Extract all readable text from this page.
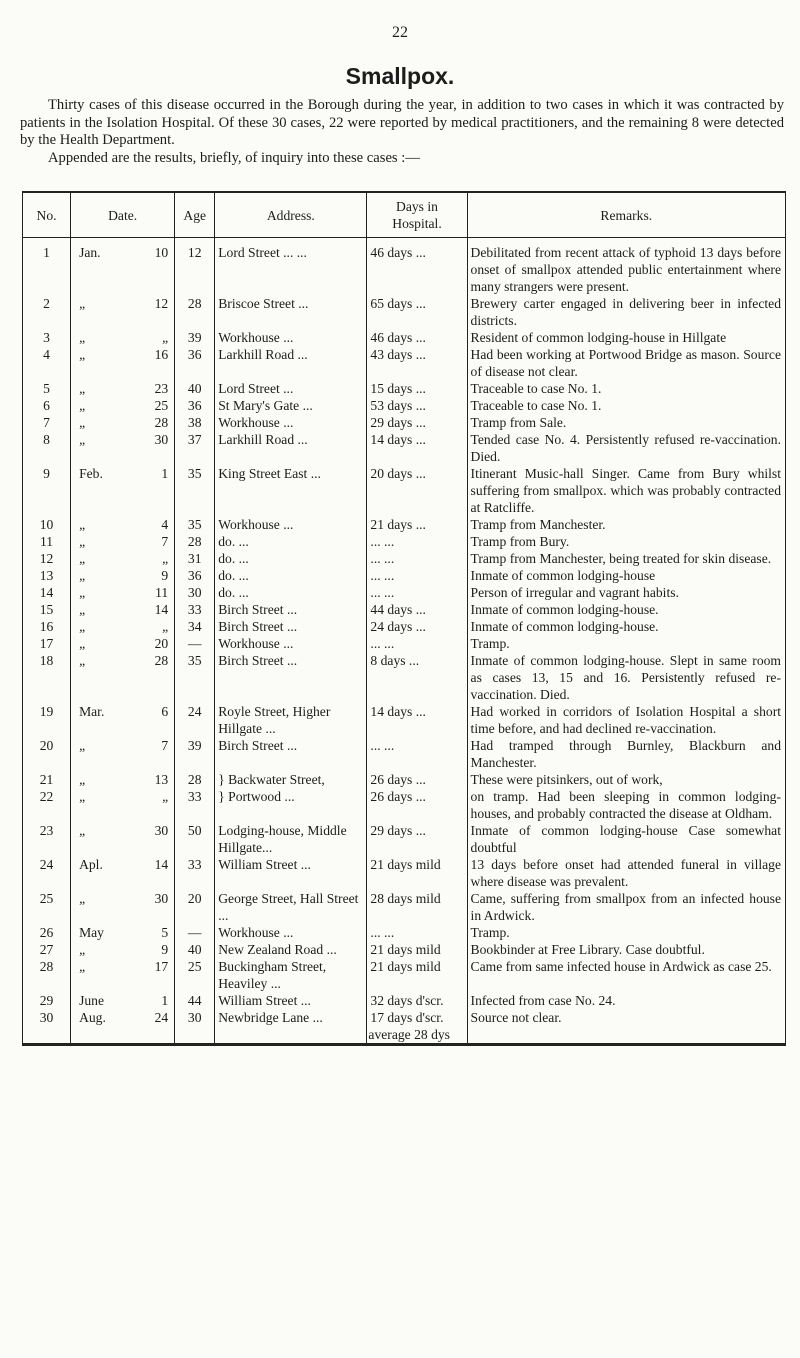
22
Smallpox.

Thirty cases of this disease occurred in the Borough during the year, in addition to two cases in which it was contracted by patients in the Isolation Hospital. Of these 30 cases, 22 were reported by medical practitioners, and the remaining 8 were detected by the Health Department.

Appended are the results, briefly, of inquiry into these cases :—

No.	Date.	Age	Address.	Days in Hospital.	Remarks.
1	Jan. 10	12	Lord Street ... ...	46 days ...	Debilitated from recent attack of typhoid 13 days before onset of smallpox attended public entertainment where many strangers were present.
2	„ 12	28	Briscoe Street ...	65 days ...	Brewery carter engaged in delivering beer in infected districts.
3	„ „	39	Workhouse ...	46 days ...	Resident of common lodging-house in Hillgate
4	„ 16	36	Larkhill Road ...	43 days ...	Had been working at Portwood Bridge as mason. Source of disease not clear.
5	„ 23	40	Lord Street ...	15 days ...	Traceable to case No. 1.
6	„ 25	36	St Mary's Gate ...	53 days ...	Traceable to case No. 1.
7	„ 28	38	Workhouse ...	29 days ...	Tramp from Sale.
8	„ 30	37	Larkhill Road ...	14 days ...	Tended case No. 4. Persistently refused re-vaccination. Died.
9	Feb. 1	35	King Street East ...	20 days ...	Itinerant Music-hall Singer. Came from Bury whilst suffering from smallpox. which was probably contracted at Ratcliffe.
10	„ 4	35	Workhouse ...	21 days ...	Tramp from Manchester.
11	„ 7	28	do. ...	... ...	Tramp from Bury.
12	„ „	31	do. ...	... ...	Tramp from Manchester, being treated for skin disease.
13	„ 9	36	do. ...	... ...	Inmate of common lodging-house
14	„ 11	30	do. ...	... ...	Person of irregular and vagrant habits.
15	„ 14	33	Birch Street ...	44 days ...	Inmate of common lodging-house.
16	„ „	34	Birch Street ...	24 days ...	Inmate of common lodging-house.
17	„ 20	—	Workhouse ...	... ...	Tramp.
18	„ 28	35	Birch Street ...	8 days ...	Inmate of common lodging-house. Slept in same room as cases 13, 15 and 16. Persistently refused re-vaccination. Died.
19	Mar. 6	24	Royle Street, Higher Hillgate ...	14 days ...	Had worked in corridors of Isolation Hospital a short time before, and had declined re-vaccination.
20	„ 7	39	Birch Street ...	... ...	Had tramped through Burnley, Blackburn and Manchester.
21	„ 13	28	} Backwater Street,	26 days ...	These were pitsinkers, out of work,
22	„ „	33	} Portwood ...	26 days ...	on tramp. Had been sleeping in common lodging-houses, and probably contracted the disease at Oldham.
23	„ 30	50	Lodging-house, Middle Hillgate...	29 days ...	Inmate of common lodging-house Case somewhat doubtful
24	Apl. 14	33	William Street ...	21 days mild	13 days before onset had attended funeral in village where disease was prevalent.
25	„ 30	20	George Street, Hall Street ...	28 days mild	Came, suffering from smallpox from an infected house in Ardwick.
26	May 5	—	Workhouse ...	... ...	Tramp.
27	„ 9	40	New Zealand Road ...	21 days mild	Bookbinder at Free Library. Case doubtful.
28	„ 17	25	Buckingham Street, Heaviley ...	21 days mild	Came from same infected house in Ardwick as case 25.
29	June 1	44	William Street ...	32 days d'scr.	Infected from case No. 24.
30	Aug. 24	30	Newbridge Lane ...	17 days d'scr.	Source not clear.
				average 28 dys	
